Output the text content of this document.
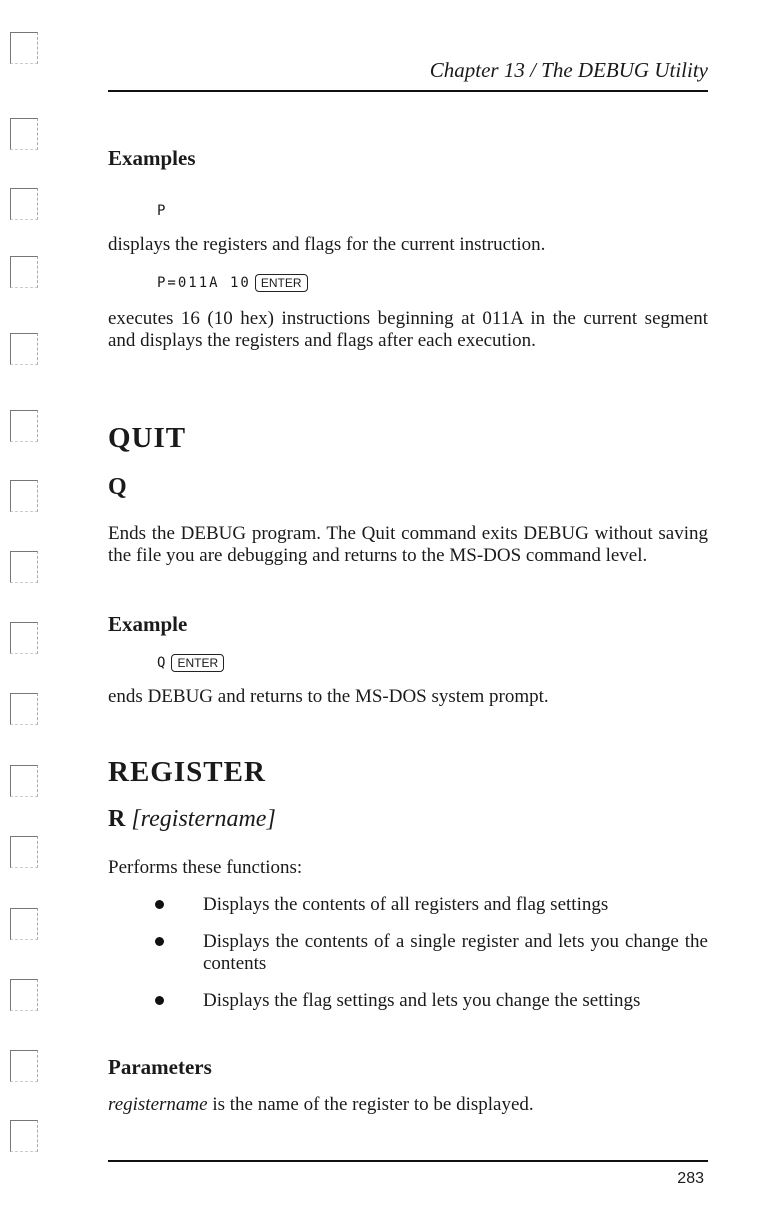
Chapter 13 / The DEBUG Utility
Examples
P
displays the registers and flags for the current instruction.
P=011A 10 ENTER
executes 16 (10 hex) instructions beginning at 011A in the current segment and displays the registers and flags after each execution.
QUIT
Q
Ends the DEBUG program. The Quit command exits DEBUG without saving the file you are debugging and returns to the MS-DOS command level.
Example
Q ENTER
ends DEBUG and returns to the MS-DOS system prompt.
REGISTER
R [registername]
Performs these functions:
Displays the contents of all registers and flag settings
Displays the contents of a single register and lets you change the contents
Displays the flag settings and lets you change the settings
Parameters
registername is the name of the register to be displayed.
283
